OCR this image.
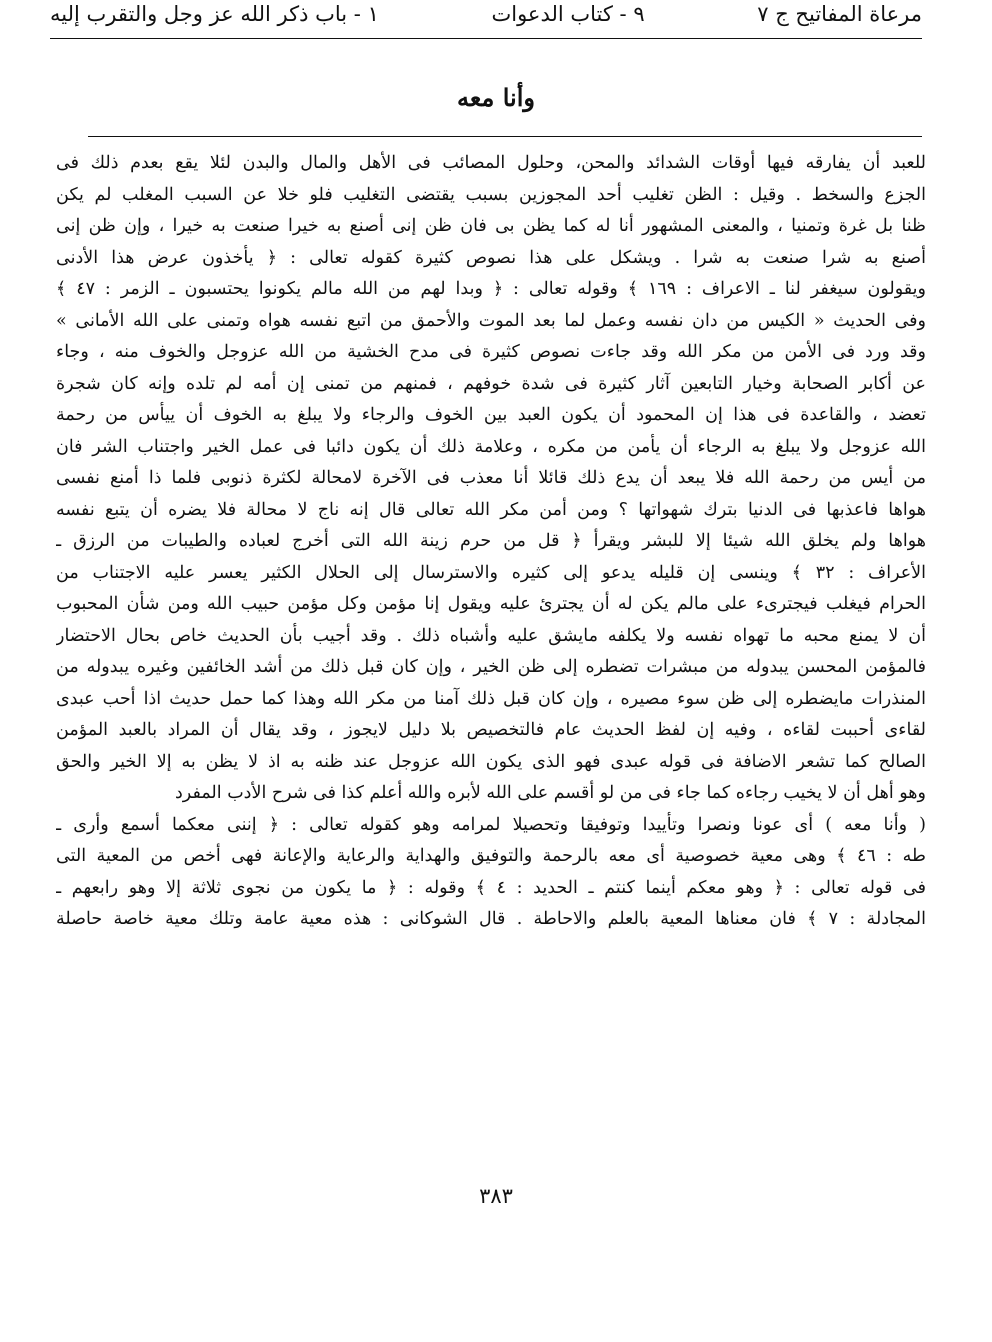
مرعاة المفاتيح ج ٧
٩ - كتاب الدعوات
١ - باب ذكر الله عز وجل والتقرب إليه
وأنا معه
للعبد أن يفارقه فيها أوقات الشدائد والمحن، وحلول المصائب فى الأهل والمال والبدن لئلا يقع بعدم ذلك فى
الجزع والسخط . وقيل : الظن تغليب أحد المجوزين بسبب يقتضى التغليب فلو خلا عن السبب المغلب لم يكن
ظنا بل غرة وتمنيا ، والمعنى المشهور أنا له كما يظن بى فان ظن إنى أصنع به خيرا صنعت به خيرا ، وإن ظن إنى
أصنع به شرا صنعت به شرا . ويشكل على هذا نصوص كثيرة كقوله تعالى : ﴿ يأخذون عرض هذا الأدنى
ويقولون سيغفر لنا ـ الاعراف : ١٦٩ ﴾ وقوله تعالى : ﴿ وبدا لهم من الله مالم يكونوا يحتسبون ـ الزمر : ٤٧ ﴾
وفى الحديث « الكيس من دان نفسه وعمل لما بعد الموت والأحمق من اتبع نفسه هواه وتمنى على الله الأمانى »
وقد ورد فى الأمن من مكر الله وقد جاءت نصوص كثيرة فى مدح الخشية من الله عزوجل والخوف منه ، وجاء
عن أكابر الصحابة وخيار التابعين آثار كثيرة فى شدة خوفهم ، فمنهم من تمنى إن أمه لم تلده وإنه كان شجرة
تعضد ، والقاعدة فى هذا إن المحمود أن يكون العبد بين الخوف والرجاء ولا يبلغ به الخوف أن ييأس من رحمة
الله عزوجل ولا يبلغ به الرجاء أن يأمن من مكره ، وعلامة ذلك أن يكون دائبا فى عمل الخير واجتناب الشر فان
من أيس من رحمة الله فلا يبعد أن يدع ذلك قائلا أنا معذب فى الآخرة لامحالة لكثرة ذنوبى فلما ذا أمنع نفسى
هواها فاعذبها فى الدنيا بترك شهواتها ؟ ومن أمن مكر الله تعالى قال إنه ناج لا محالة فلا يضره أن يتبع نفسه
هواها ولم يخلق الله شيئا إلا للبشر ويقرأ ﴿ قل من حرم زينة الله التى أخرج لعباده والطيبات من الرزق ـ
الأعراف : ٣٢ ﴾ وينسى إن قليله يدعو إلى كثيره والاسترسال إلى الحلال الكثير يعسر عليه الاجتناب من
الحرام فيغلب فيجترىء على مالم يكن له أن يجترئ عليه ويقول إنا مؤمن وكل مؤمن حبيب الله ومن شأن المحبوب
أن لا يمنع محبه ما تهواه نفسه ولا يكلفه مايشق عليه وأشباه ذلك . وقد أجيب بأن الحديث خاص بحال الاحتضار
فالمؤمن المحسن يبدوله من مبشرات تضطره إلى ظن الخير ، وإن كان قبل ذلك من أشد الخائفين وغيره يبدوله من
المنذرات مايضطره إلى ظن سوء مصيره ، وإن كان قبل ذلك آمنا من مكر الله وهذا كما حمل حديث اذا أحب عبدى
لقاءى أحببت لقاءه ، وفيه إن لفظ الحديث عام فالتخصيص بلا دليل لايجوز ، وقد يقال أن المراد بالعبد المؤمن
الصالح كما تشعر الاضافة فى قوله عبدى فهو الذى يكون الله عزوجل عند ظنه به اذ لا يظن به إلا الخير والحق
وهو أهل أن لا يخيب رجاءه كما جاء فى من لو أقسم على الله لأبره والله أعلم كذا فى شرح الأدب المفرد
( وأنا معه ) أى عونا ونصرا وتأييدا وتوفيقا وتحصيلا لمرامه وهو كقوله تعالى : ﴿ إننى معكما أسمع وأرى ـ
طه : ٤٦ ﴾ وهى معية خصوصية أى معه بالرحمة والتوفيق والهداية والرعاية والإعانة فهى أخص من المعية التى
فى قوله تعالى : ﴿ وهو معكم أينما كنتم ـ الحديد : ٤ ﴾ وقوله : ﴿ ما يكون من نجوى ثلاثة إلا وهو رابعهم ـ
المجادلة : ٧ ﴾ فان معناها المعية بالعلم والاحاطة . قال الشوكانى : هذه معية عامة وتلك معية خاصة حاصلة
٣٨٣
